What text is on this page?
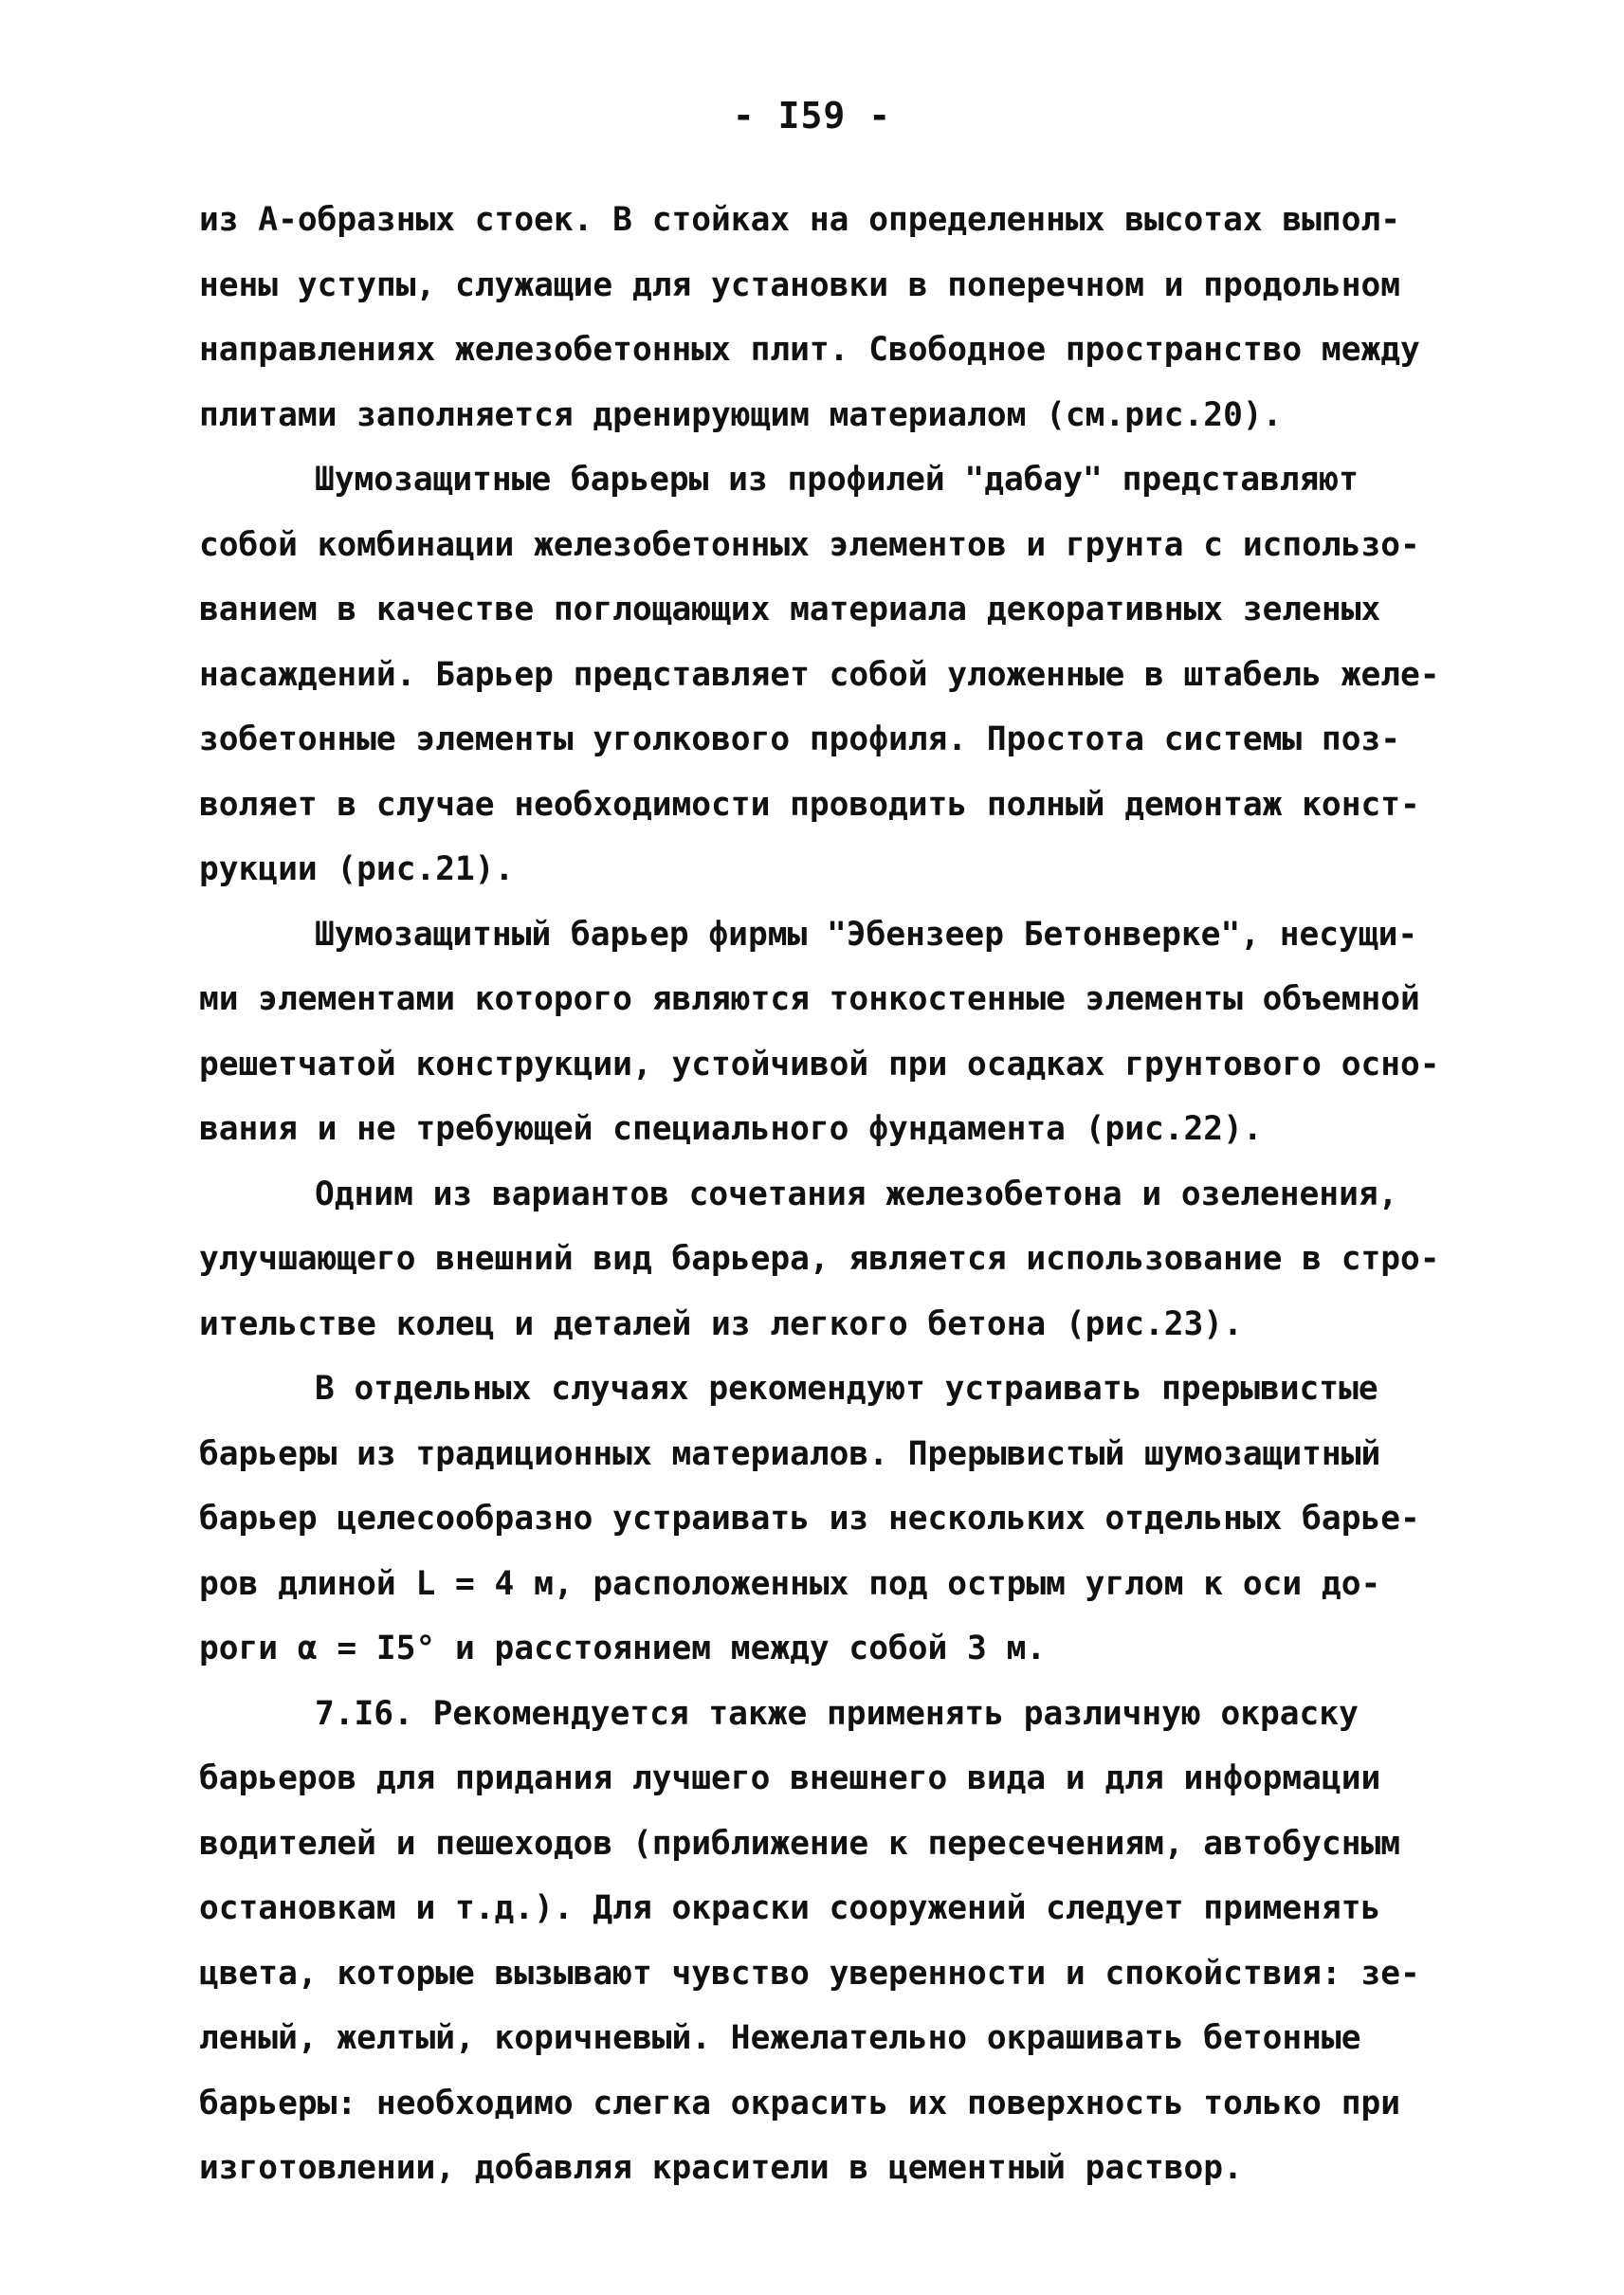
- I59 -
из А-образных стоек. В стойках на определенных высотах выпол-
нены уступы, служащие для установки в поперечном и продольном
направлениях железобетонных плит. Свободное пространство между
плитами заполняется дренирующим материалом (см.рис.20).
Шумозащитные барьеры из профилей "дабау" представляют
собой комбинации железобетонных элементов и грунта с использо-
ванием в качестве поглощающих материала декоративных зеленых
насаждений. Барьер представляет собой уложенные в штабель желе-
зобетонные элементы уголкового профиля. Простота системы поз-
воляет в случае необходимости проводить полный демонтаж конст-
рукции (рис.21).
Шумозащитный барьер фирмы "Эбензеер Бетонверке", несущи-
ми элементами которого являются тонкостенные элементы объемной
решетчатой конструкции, устойчивой при осадках грунтового осно-
вания и не требующей специального фундамента (рис.22).
Одним из вариантов сочетания железобетона и озеленения,
улучшающего внешний вид барьера, является использование в стро-
ительстве колец и деталей из легкого бетона (рис.23).
В отдельных случаях рекомендуют устраивать прерывистые
барьеры из традиционных материалов. Прерывистый шумозащитный
барьер целесообразно устраивать из нескольких отдельных барье-
ров длиной L = 4 м, расположенных под острым углом к оси до-
роги α = I5° и расстоянием между собой 3 м.
7.I6. Рекомендуется также применять различную окраску
барьеров для придания лучшего внешнего вида и для информации
водителей и пешеходов (приближение к пересечениям, автобусным
остановкам и т.д.). Для окраски сооружений следует применять
цвета, которые вызывают чувство уверенности и спокойствия: зе-
леный, желтый, коричневый. Нежелательно окрашивать бетонные
барьеры: необходимо слегка окрасить их поверхность только при
изготовлении, добавляя красители в цементный раствор.
